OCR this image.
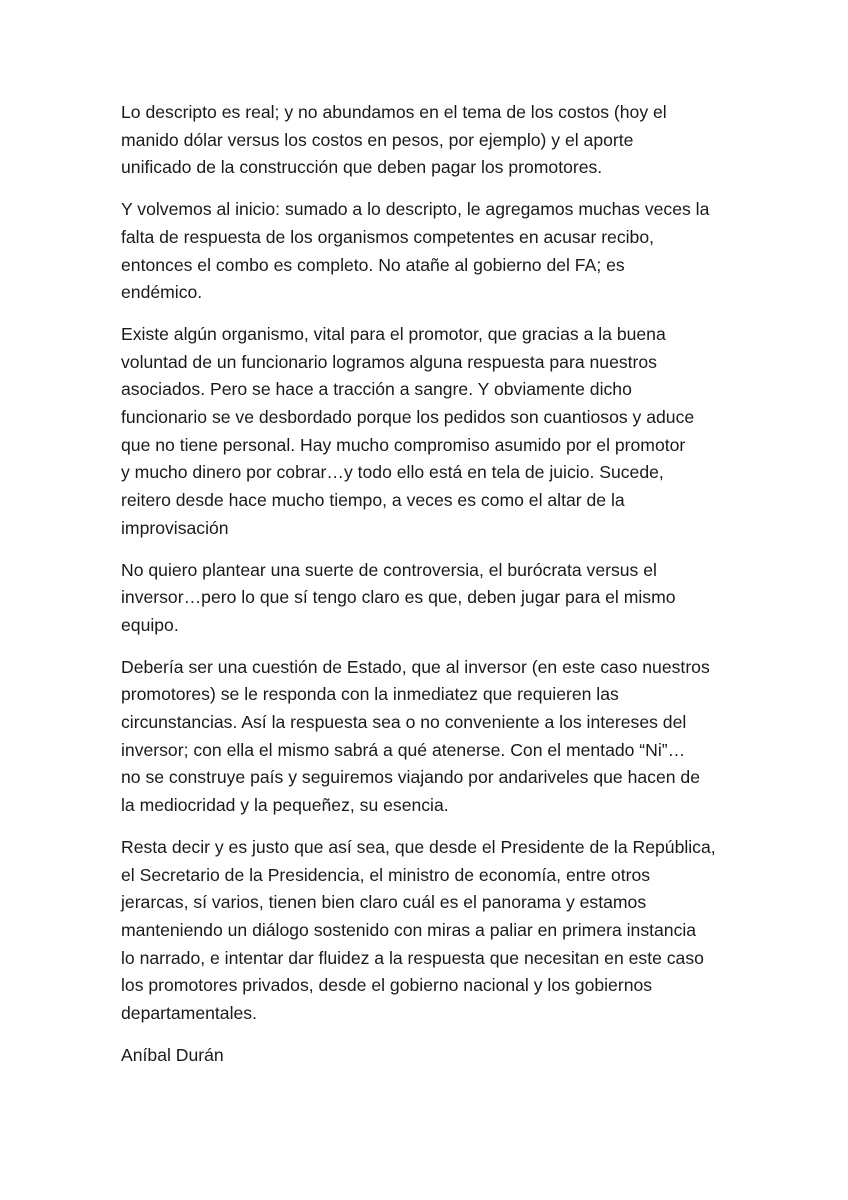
Lo descripto es real; y no abundamos en el tema de los costos (hoy el
manido dólar versus los costos en pesos, por ejemplo) y el aporte
unificado de la construcción que deben pagar los promotores.

Y volvemos al inicio: sumado a lo descripto, le agregamos muchas veces la
falta de respuesta de los organismos competentes en acusar recibo,
entonces el combo es completo. No atañe al gobierno del FA; es
endémico.

Existe algún organismo, vital para el promotor, que gracias a la buena
voluntad de un funcionario logramos alguna respuesta para nuestros
asociados. Pero se hace a tracción a sangre. Y obviamente dicho
funcionario se ve desbordado porque los pedidos son cuantiosos y aduce
que no tiene personal. Hay mucho compromiso asumido por el promotor
y mucho dinero por cobrar…y todo ello está en tela de juicio. Sucede,
reitero desde hace mucho tiempo, a veces es como el altar de la
improvisación

No quiero plantear una suerte de controversia, el burócrata versus el
inversor…pero lo que sí tengo claro es que, deben jugar para el mismo
equipo.

Debería ser una cuestión de Estado, que al inversor (en este caso nuestros
promotores) se le responda con la inmediatez que requieren las
circunstancias. Así la respuesta sea o no conveniente a los intereses del
inversor; con ella el mismo sabrá a qué atenerse. Con el mentado “Ni”…
no se construye país y seguiremos viajando por andariveles que hacen de
la mediocridad y la pequeñez, su esencia.

Resta decir y es justo que así sea, que desde el Presidente de la República,
el Secretario de la Presidencia, el ministro de economía, entre otros
jerarcas, sí varios, tienen bien claro cuál es el panorama y estamos
manteniendo un diálogo sostenido con miras a paliar en primera instancia
lo narrado, e intentar dar fluidez a la respuesta que necesitan en este caso
los promotores privados, desde el gobierno nacional y los gobiernos
departamentales.

Aníbal Durán
